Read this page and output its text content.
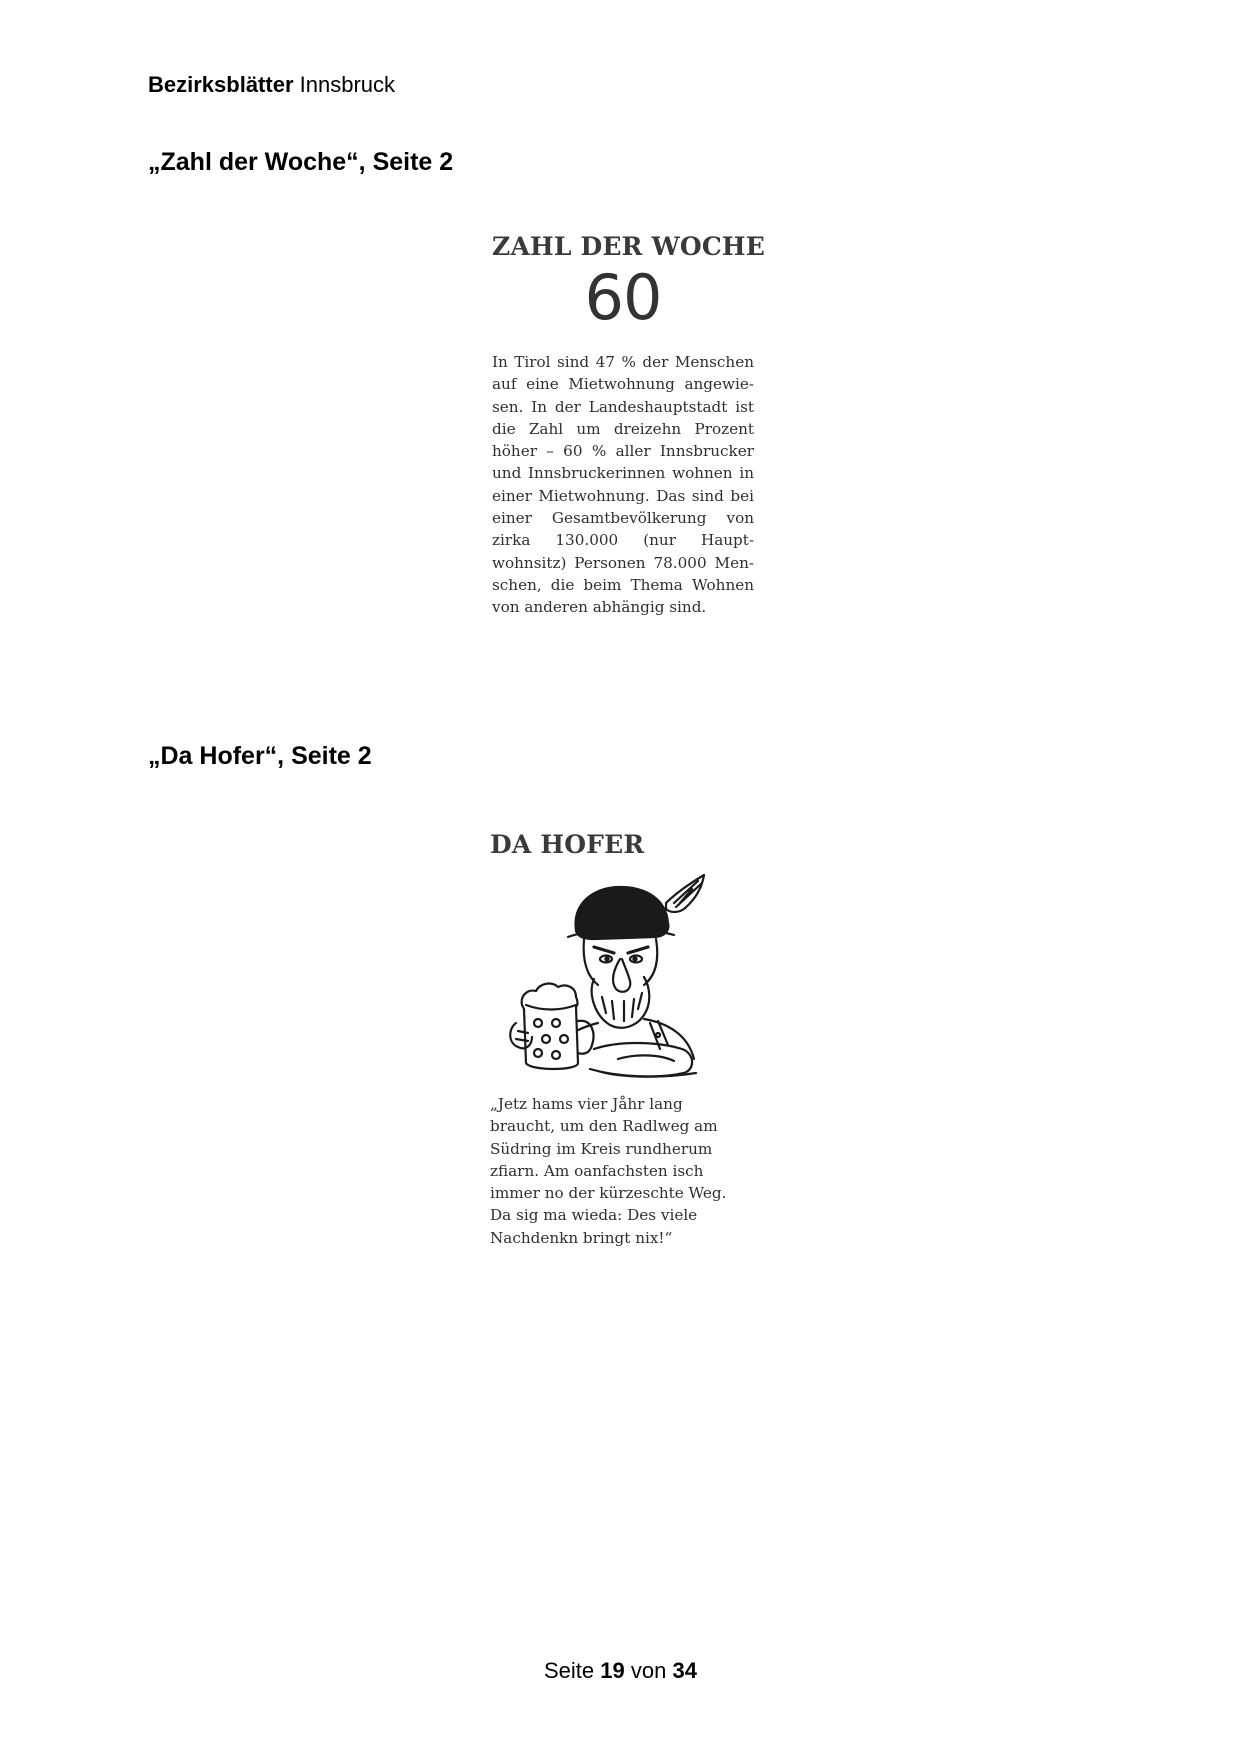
Bezirksblätter Innsbruck
„Zahl der Woche“, Seite 2
ZAHL DER WOCHE
60

In Tirol sind 47 % der Menschen auf eine Mietwohnung angewie-sen. In der Landeshauptstadt ist die Zahl um dreizehn Prozent höher – 60 % aller Innsbrucker und Innsbruckerinnen wohnen in einer Mietwohnung. Das sind bei einer Gesamtbevölkerung von zirka 130.000 (nur Haupt-wohnsitz) Personen 78.000 Men-schen, die beim Thema Wohnen von anderen abhängig sind.

„Da Hofer“, Seite 2
DA HOFER

„Jetz hams vier Jåhr lang braucht, um den Radlweg am Südring im Kreis rundherum zfiarn. Am oanfachsten isch immer no der kürzeschte Weg. Da sig ma wieda: Des viele Nachdenkn bringt nix!“

Seite 19 von 34
